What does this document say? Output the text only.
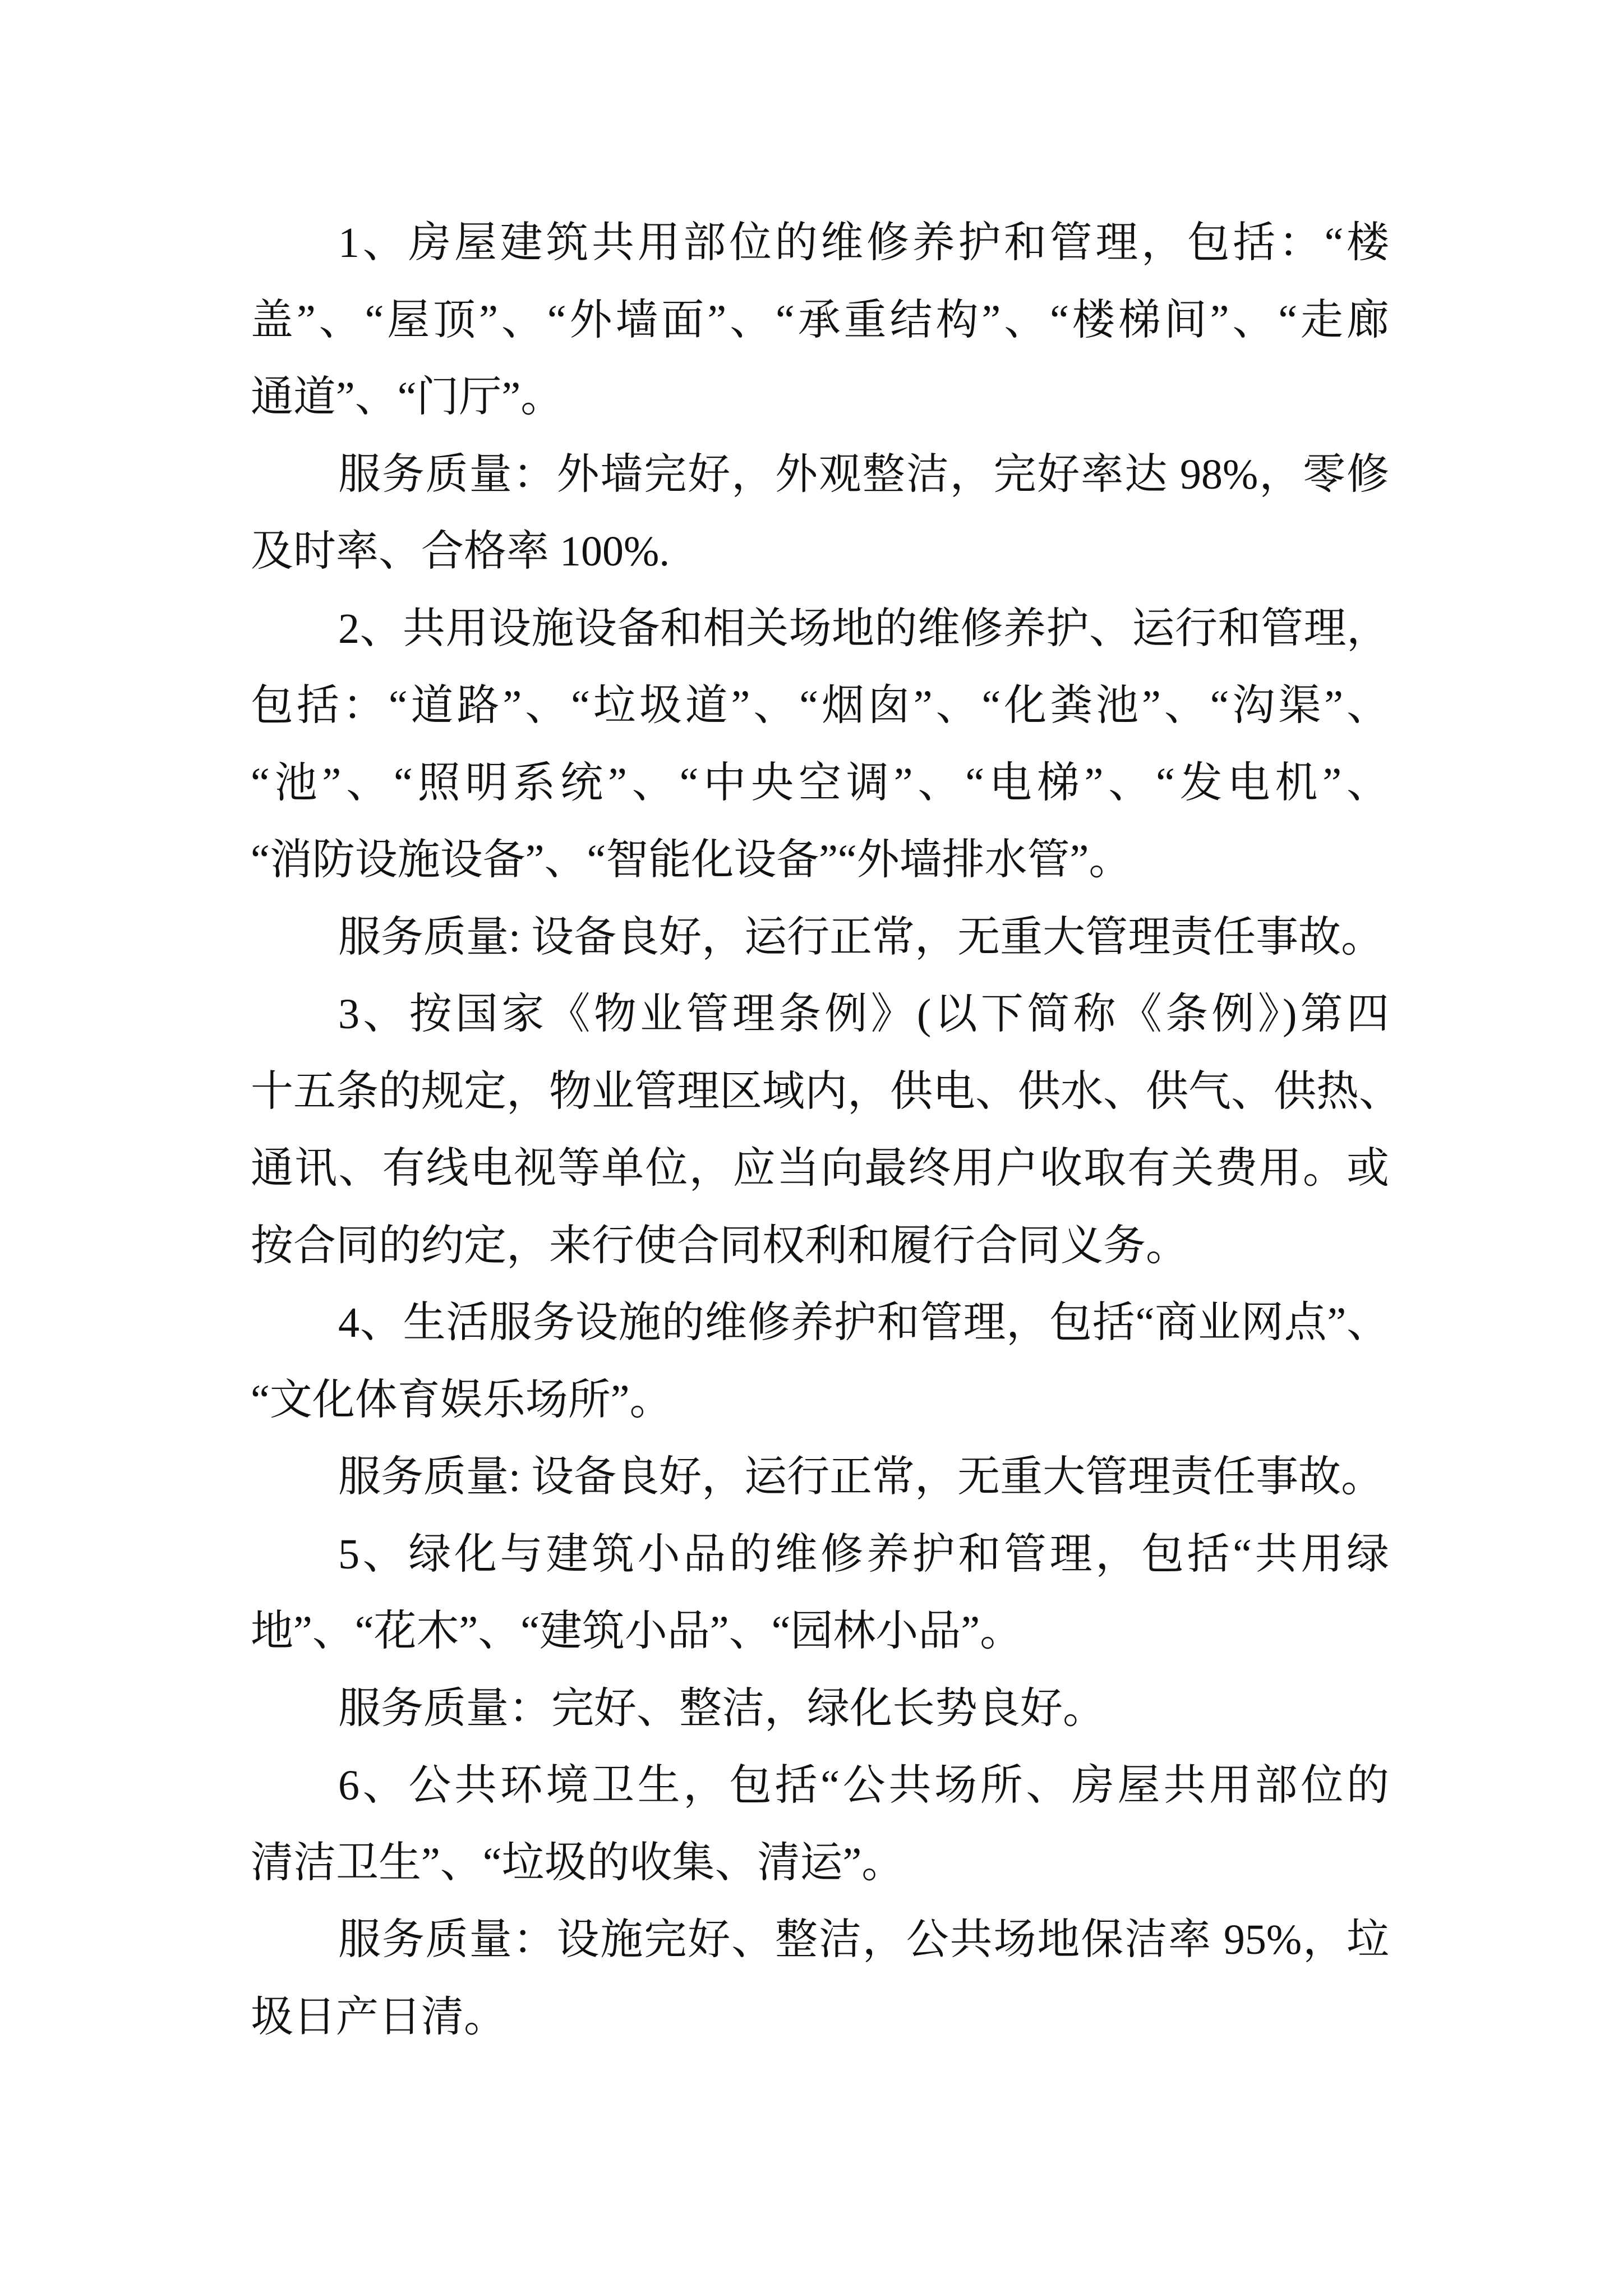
1、房屋建筑共用部位的维修养护和管理，包括：“楼
盖”、“屋顶”、“外墙面”、“承重结构”、“楼梯间”、“走廊
通道”、“门厅”。
服务质量：外墙完好，外观整洁，完好率达 98%，零修
及时率、合格率 100%.
2、共用设施设备和相关场地的维修养护、运行和管理，
包括：“道路”、“垃圾道”、“烟囱”、“化粪池”、“沟渠”、
“池”、“照明系统”、“中央空调”、“电梯”、“发电机”、
“消防设施设备”、“智能化设备”“外墙排水管”。
服务质量: 设备良好，运行正常，无重大管理责任事故。
3、按国家《物业管理条例》(以下简称《条例》)第四
十五条的规定，物业管理区域内，供电、供水、供气、供热、
通讯、有线电视等单位，应当向最终用户收取有关费用。或
按合同的约定，来行使合同权利和履行合同义务。
4、生活服务设施的维修养护和管理，包括“商业网点”、
“文化体育娱乐场所”。
服务质量: 设备良好，运行正常，无重大管理责任事故。
5、绿化与建筑小品的维修养护和管理，包括“共用绿
地”、“花木”、“建筑小品”、“园林小品”。
服务质量：完好、整洁，绿化长势良好。
6、公共环境卫生，包括“公共场所、房屋共用部位的
清洁卫生”、“垃圾的收集、清运”。
服务质量：设施完好、整洁，公共场地保洁率 95%，垃
圾日产日清。
